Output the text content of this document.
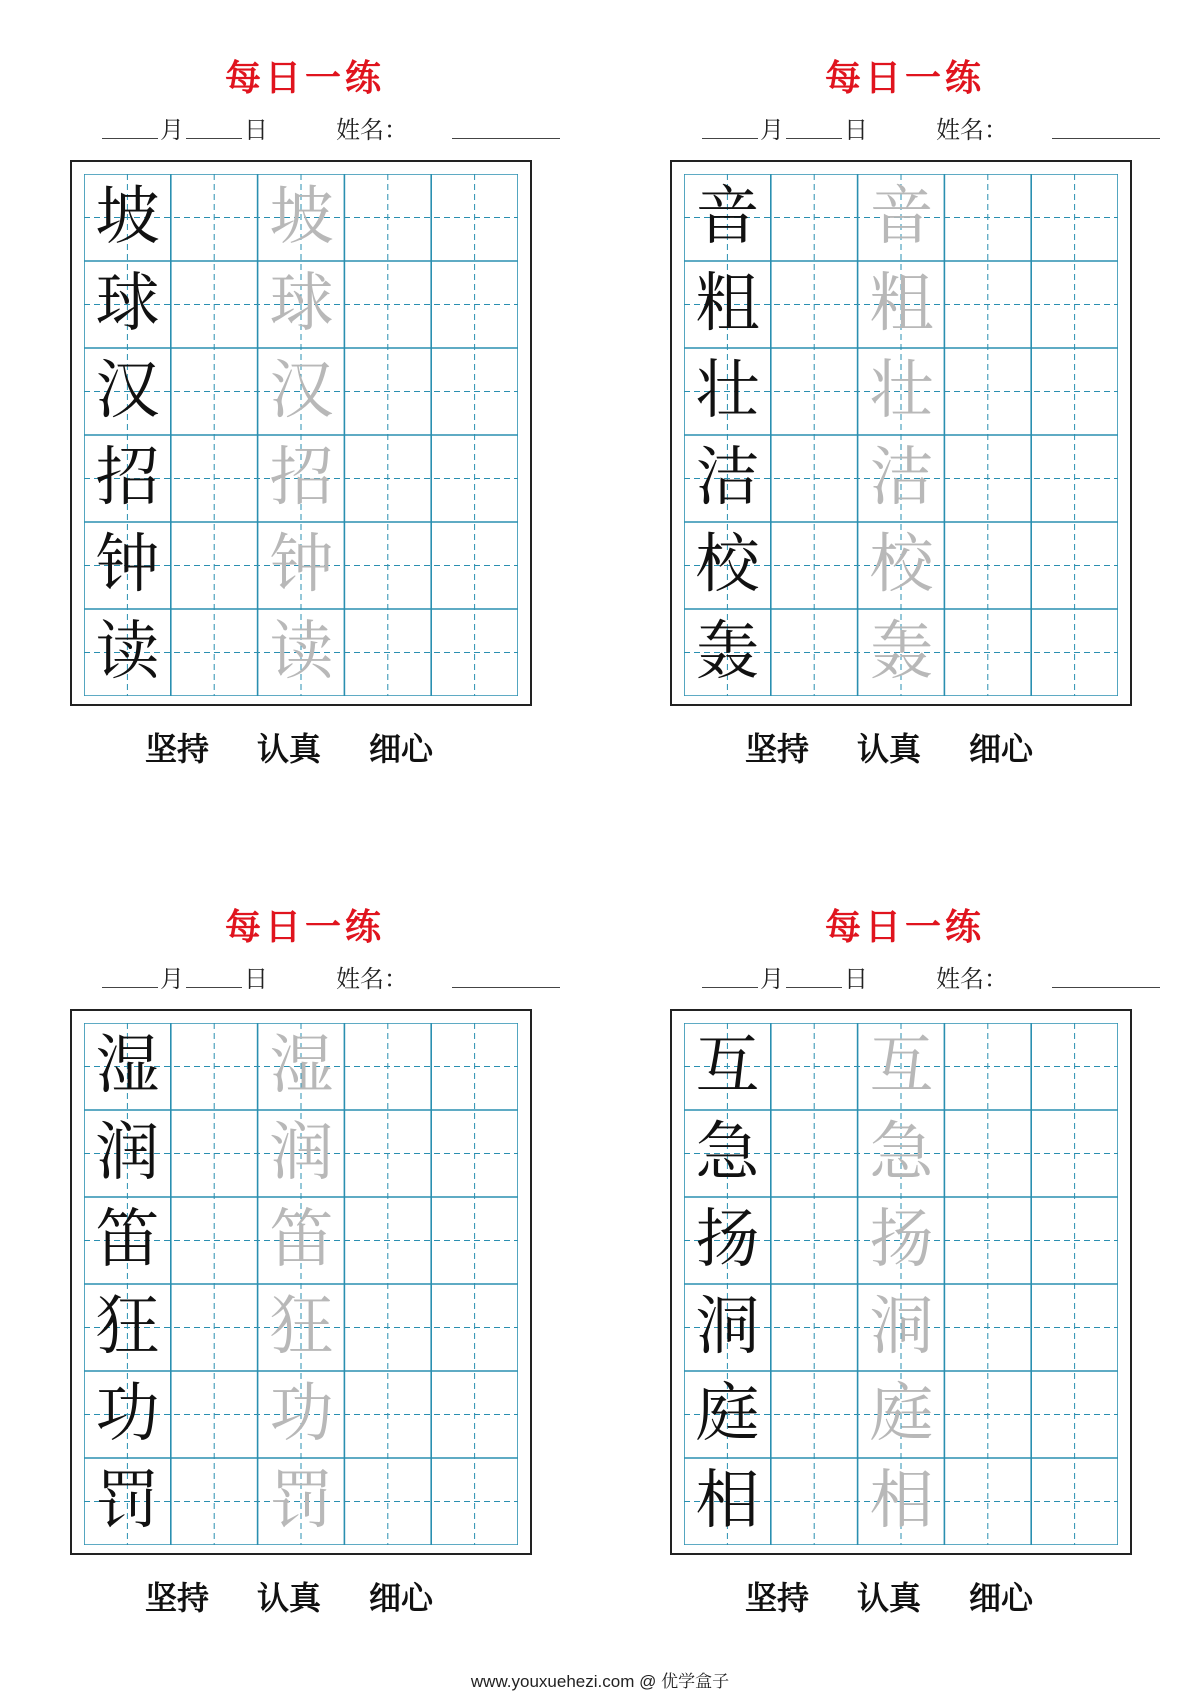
每日一练
月	日	姓名：
坡 坡
球 球
汉 汉
招 招
钟 钟
读 读
坚持 认真 细心
每日一练
月	日	姓名：
音 音
粗 粗
壮 壮
洁 洁
校 校
轰 轰
坚持 认真 细心
每日一练
月	日	姓名：
湿 湿
润 润
笛 笛
狂 狂
功 功
罚 罚
坚持 认真 细心
每日一练
月	日	姓名：
互 互
急 急
扬 扬
洞 洞
庭 庭
相 相
坚持 认真 细心
www.youxuehezi.com @ 优学盒子
